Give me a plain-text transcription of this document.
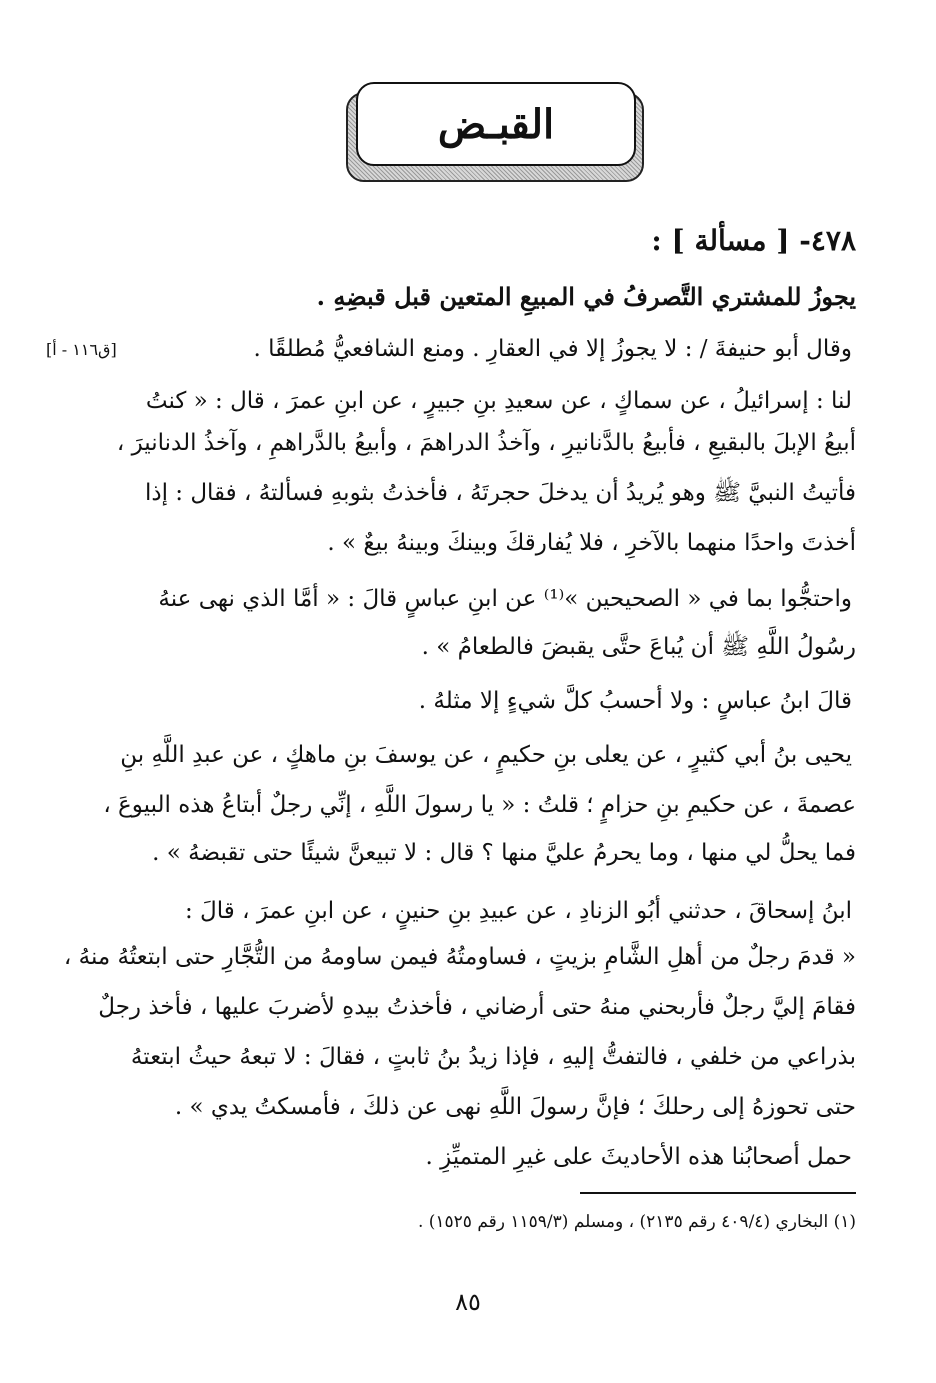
القبـض
٤٧٨- [ مسألة ] :
يجوزُ للمشتري التَّصرفُ في المبيعِ المتعين قبل قبضِهِ .
[ق١١٦ - أ]	وقال أبو حنيفةَ / : لا يجوزُ إلا في العقارِ . ومنع الشافعيُّ مُطلقًا .
لنا : إسرائيلُ ، عن سماكٍ ، عن سعيدِ بنِ جبيرٍ ، عن ابنِ عمرَ ، قال : « كنتُ
أبيعُ الإبلَ بالبقيعِ ، فأبيعُ بالدَّنانيرِ ، وآخذُ الدراهمَ ، وأبيعُ بالدَّراهمِ ، وآخذُ الدنانيرَ ،
فأتيتُ النبيَّ ﷺ وهو يُريدُ أن يدخلَ حجرتَهُ ، فأخذتُ بثوبهِ فسألتهُ ، فقال : إذا
أخذتَ واحدًا منهما بالآخرِ ، فلا يُفارقكَ وبينكَ وبينهُ بيعٌ » .
واحتجُّوا بما في « الصحيحين »⁽¹⁾ عن ابنِ عباسٍ قالَ : « أمَّا الذي نهى عنهُ
رسُولُ اللَّهِ ﷺ أن يُباعَ حتَّى يقبضَ فالطعامُ » .
قالَ ابنُ عباسٍ : ولا أحسبُ كلَّ شيءٍ إلا مثلهُ .
يحيى بنُ أبي كثيرٍ ، عن يعلى بنِ حكيمٍ ، عن يوسفَ بنِ ماهكٍ ، عن عبدِ اللَّهِ بنِ
عصمةَ ، عن حكيمِ بنِ حزامٍ ؛ قلتُ : « يا رسولَ اللَّهِ ، إنِّي رجلٌ أبتاعُ هذه البيوعَ ،
فما يحلُّ لي منها ، وما يحرمُ عليَّ منها ؟ قال : لا تبيعنَّ شيئًا حتى تقبضهُ » .
ابنُ إسحاقَ ، حدثني أبُو الزنادِ ، عن عبيدِ بنِ حنينٍ ، عن ابنِ عمرَ ، قالَ :
« قدمَ رجلٌ من أهلِ الشَّامِ بزيتٍ ، فساومتُهُ فيمن ساومهُ من التُّجَّارِ حتى ابتعتُهُ منهُ ،
فقامَ إليَّ رجلٌ فأربحني منهُ حتى أرضاني ، فأخذتُ بيدهِ لأضربَ عليها ، فأخذ رجلٌ
بذراعي من خلفي ، فالتفتُّ إليهِ ، فإذا زيدُ بنُ ثابتٍ ، فقالَ : لا تبعهُ حيثُ ابتعتهُ
حتى تحوزهُ إلى رحلكَ ؛ فإنَّ رسولَ اللَّهِ نهى عن ذلكَ ، فأمسكتُ يدي » .
حمل أصحابُنا هذه الأحاديثَ على غيرِ المتميِّزِ .
(١) البخاري (٤٠٩/٤ رقم ٢١٣٥) ، ومسلم (١١٥٩/٣ رقم ١٥٢٥) .
٨٥
